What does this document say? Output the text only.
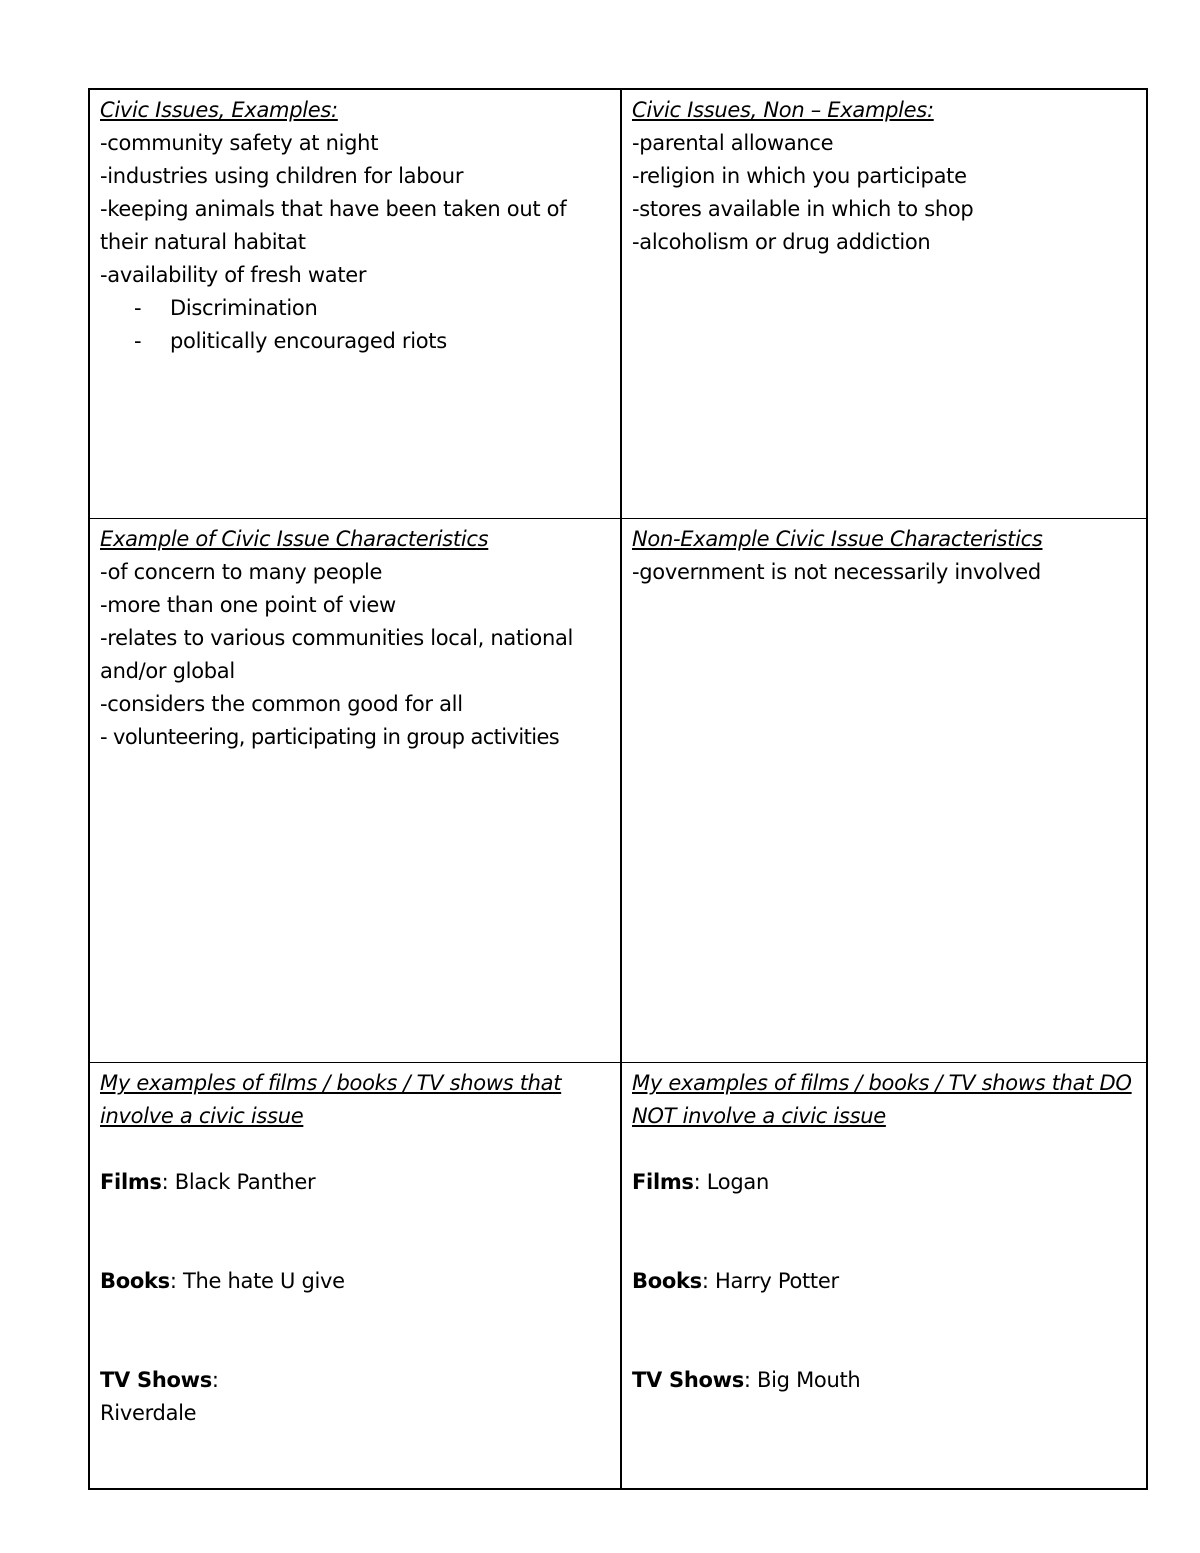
Civic Issues, Examples:
-community safety at night
-industries using children for labour
-keeping animals that have been taken out of their natural habitat
-availability of fresh water
- Discrimination
- politically encouraged riots
Civic Issues, Non – Examples:
-parental allowance
-religion in which you participate
-stores available in which to shop
-alcoholism or drug addiction
Example of Civic Issue Characteristics
-of concern to many people
-more than one point of view
-relates to various communities local, national and/or global
-considers the common good for all
- volunteering, participating in group activities
Non-Example Civic Issue Characteristics
-government is not necessarily involved
My examples of films / books / TV shows that involve a civic issue
Films: Black Panther
Books: The hate U give
TV Shows:
Riverdale
My examples of films / books / TV shows that DO NOT involve a civic issue
Films: Logan
Books: Harry Potter
TV Shows: Big Mouth
